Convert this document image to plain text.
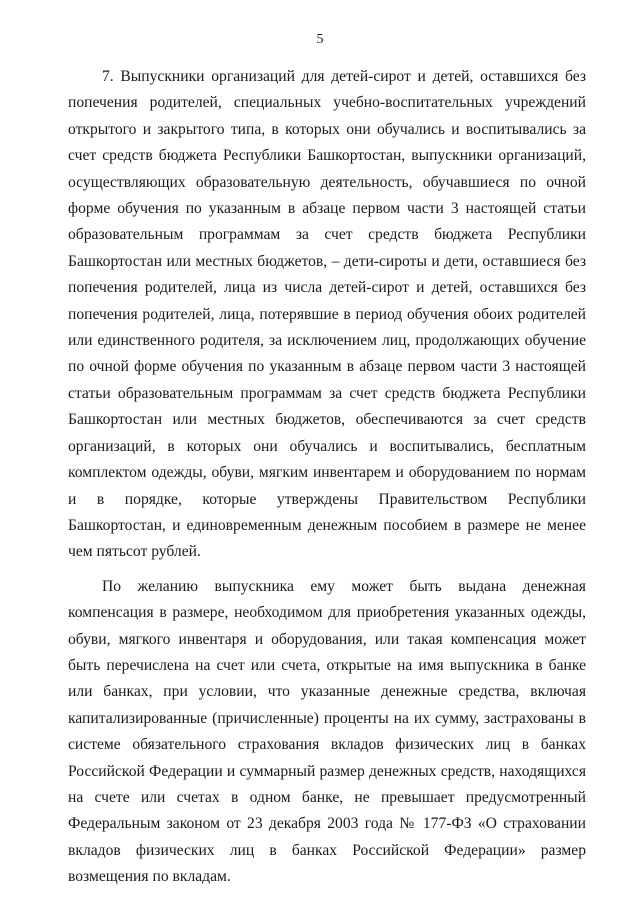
5

7. Выпускники организаций для детей-сирот и детей, оставшихся без попечения родителей, специальных учебно-воспитательных учреждений открытого и закрытого типа, в которых они обучались и воспитывались за счет средств бюджета Республики Башкортостан, выпускники организаций, осуществляющих образовательную деятельность, обучавшиеся по очной форме обучения по указанным в абзаце первом части 3 настоящей статьи образовательным программам за счет средств бюджета Республики Башкортостан или местных бюджетов, – дети-сироты и дети, оставшиеся без попечения родителей, лица из числа детей-сирот и детей, оставшихся без попечения родителей, лица, потерявшие в период обучения обоих родителей или единственного родителя, за исключением лиц, продолжающих обучение по очной форме обучения по указанным в абзаце первом части 3 настоящей статьи образовательным программам за счет средств бюджета Республики Башкортостан или местных бюджетов, обеспечиваются за счет средств организаций, в которых они обучались и воспитывались, бесплатным комплектом одежды, обуви, мягким инвентарем и оборудованием по нормам и в порядке, которые утверждены Правительством Республики Башкортостан, и единовременным денежным пособием в размере не менее чем пятьсот рублей.

По желанию выпускника ему может быть выдана денежная компенсация в размере, необходимом для приобретения указанных одежды, обуви, мягкого инвентаря и оборудования, или такая компенсация может быть перечислена на счет или счета, открытые на имя выпускника в банке или банках, при условии, что указанные денежные средства, включая капитализированные (причисленные) проценты на их сумму, застрахованы в системе обязательного страхования вкладов физических лиц в банках Российской Федерации и суммарный размер денежных средств, находящихся на счете или счетах в одном банке, не превышает предусмотренный Федеральным законом от 23 декабря 2003 года № 177-ФЗ «О страховании вкладов физических лиц в банках Российской Федерации» размер возмещения по вкладам.
